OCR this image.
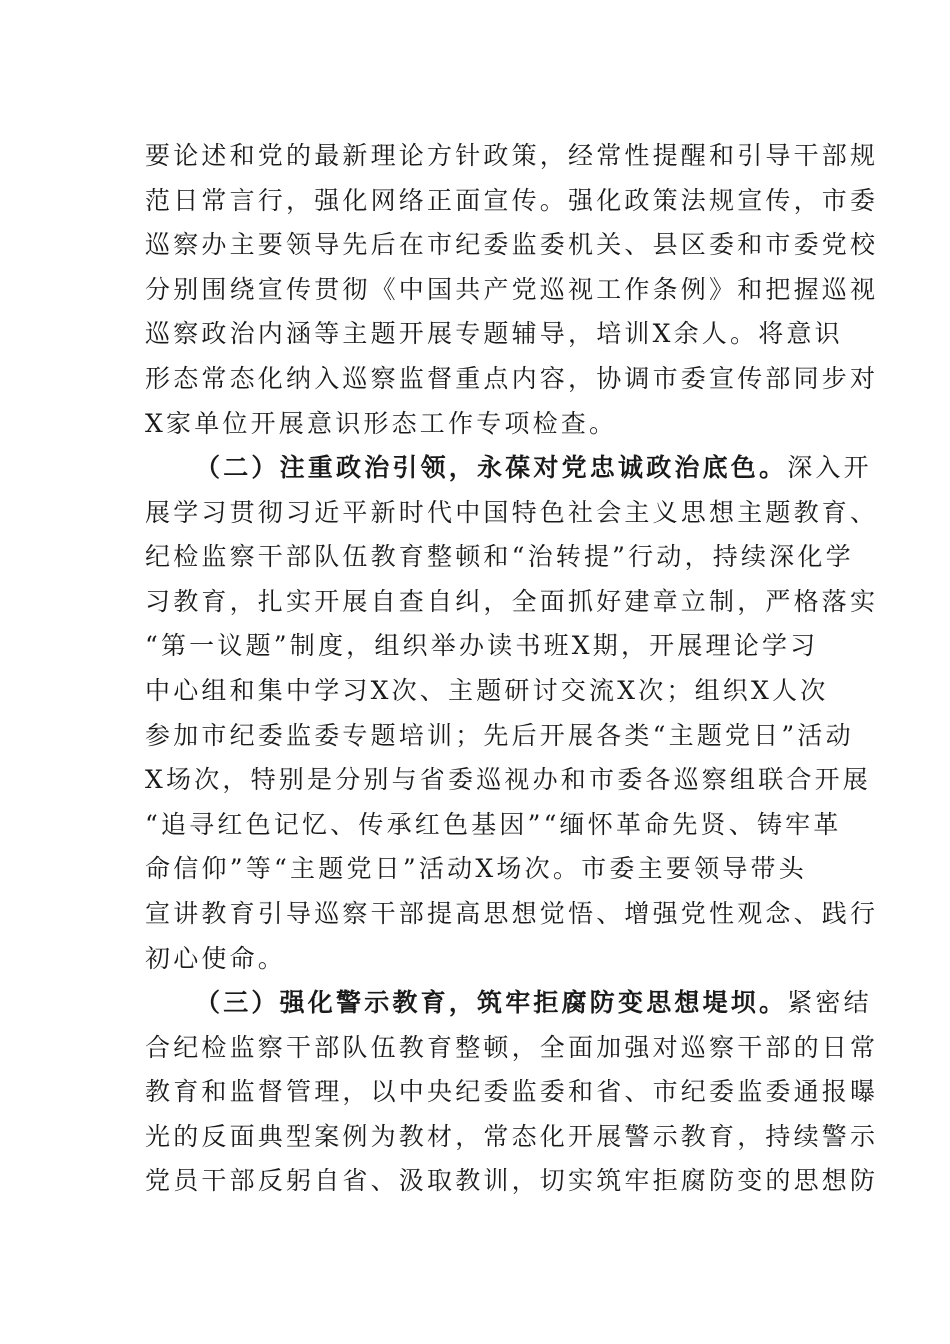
要论述和党的最新理论方针政策，经常性提醒和引导干部规
范日常言行，强化网络正面宣传。强化政策法规宣传，市委
巡察办主要领导先后在市纪委监委机关、县区委和市委党校
分别围绕宣传贯彻《中国共产党巡视工作条例》和把握巡视
巡察政治内涵等主题开展专题辅导，培训X余人。将意识
形态常态化纳入巡察监督重点内容，协调市委宣传部同步对
X家单位开展意识形态工作专项检查。
（二）注重政治引领，永葆对党忠诚政治底色。深入开
展学习贯彻习近平新时代中国特色社会主义思想主题教育、
纪检监察干部队伍教育整顿和“治转提”行动，持续深化学
习教育，扎实开展自查自纠，全面抓好建章立制，严格落实
“第一议题”制度，组织举办读书班X期，开展理论学习
中心组和集中学习X次、主题研讨交流X次；组织X人次
参加市纪委监委专题培训；先后开展各类“主题党日”活动
X场次，特别是分别与省委巡视办和市委各巡察组联合开展
“追寻红色记忆、传承红色基因”“缅怀革命先贤、铸牢革
命信仰”等“主题党日”活动X场次。市委主要领导带头
宣讲教育引导巡察干部提高思想觉悟、增强党性观念、践行
初心使命。
（三）强化警示教育，筑牢拒腐防变思想堤坝。紧密结
合纪检监察干部队伍教育整顿，全面加强对巡察干部的日常
教育和监督管理，以中央纪委监委和省、市纪委监委通报曝
光的反面典型案例为教材，常态化开展警示教育，持续警示
党员干部反躬自省、汲取教训，切实筑牢拒腐防变的思想防
